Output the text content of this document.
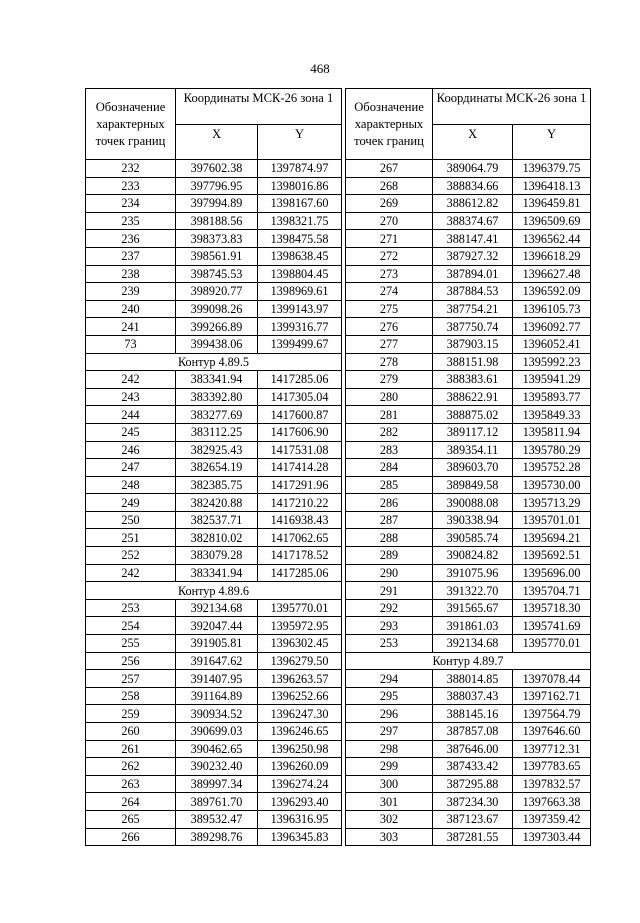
468
Обозначение характерных точек границ	Координаты МСК-26 зона 1	
	X	Y
232	397602.38	1397874.97
233	397796.95	1398016.86
234	397994.89	1398167.60
235	398188.56	1398321.75
236	398373.83	1398475.58
237	398561.91	1398638.45
238	398745.53	1398804.45
239	398920.77	1398969.61
240	399098.26	1399143.97
241	399266.89	1399316.77
73	399438.06	1399499.67
Контур 4.89.5		
242	383341.94	1417285.06
243	383392.80	1417305.04
244	383277.69	1417600.87
245	383112.25	1417606.90
246	382925.43	1417531.08
247	382654.19	1417414.28
248	382385.75	1417291.96
249	382420.88	1417210.22
250	382537.71	1416938.43
251	382810.02	1417062.65
252	383079.28	1417178.52
242	383341.94	1417285.06
Контур 4.89.6		
253	392134.68	1395770.01
254	392047.44	1395972.95
255	391905.81	1396302.45
256	391647.62	1396279.50
257	391407.95	1396263.57
258	391164.89	1396252.66
259	390934.52	1396247.30
260	390699.03	1396246.65
261	390462.65	1396250.98
262	390232.40	1396260.09
263	389997.34	1396274.24
264	389761.70	1396293.40
265	389532.47	1396316.95
266	389298.76	1396345.83
Обозначение характерных точек границ	Координаты МСК-26 зона 1	
	X	Y
267	389064.79	1396379.75
268	388834.66	1396418.13
269	388612.82	1396459.81
270	388374.67	1396509.69
271	388147.41	1396562.44
272	387927.32	1396618.29
273	387894.01	1396627.48
274	387884.53	1396592.09
275	387754.21	1396105.73
276	387750.74	1396092.77
277	387903.15	1396052.41
278	388151.98	1395992.23
279	388383.61	1395941.29
280	388622.91	1395893.77
281	388875.02	1395849.33
282	389117.12	1395811.94
283	389354.11	1395780.29
284	389603.70	1395752.28
285	389849.58	1395730.00
286	390088.08	1395713.29
287	390338.94	1395701.01
288	390585.74	1395694.21
289	390824.82	1395692.51
290	391075.96	1395696.00
291	391322.70	1395704.71
292	391565.67	1395718.30
293	391861.03	1395741.69
253	392134.68	1395770.01
Контур 4.89.7		
294	388014.85	1397078.44
295	388037.43	1397162.71
296	388145.16	1397564.79
297	387857.08	1397646.60
298	387646.00	1397712.31
299	387433.42	1397783.65
300	387295.88	1397832.57
301	387234.30	1397663.38
302	387123.67	1397359.42
303	387281.55	1397303.44
